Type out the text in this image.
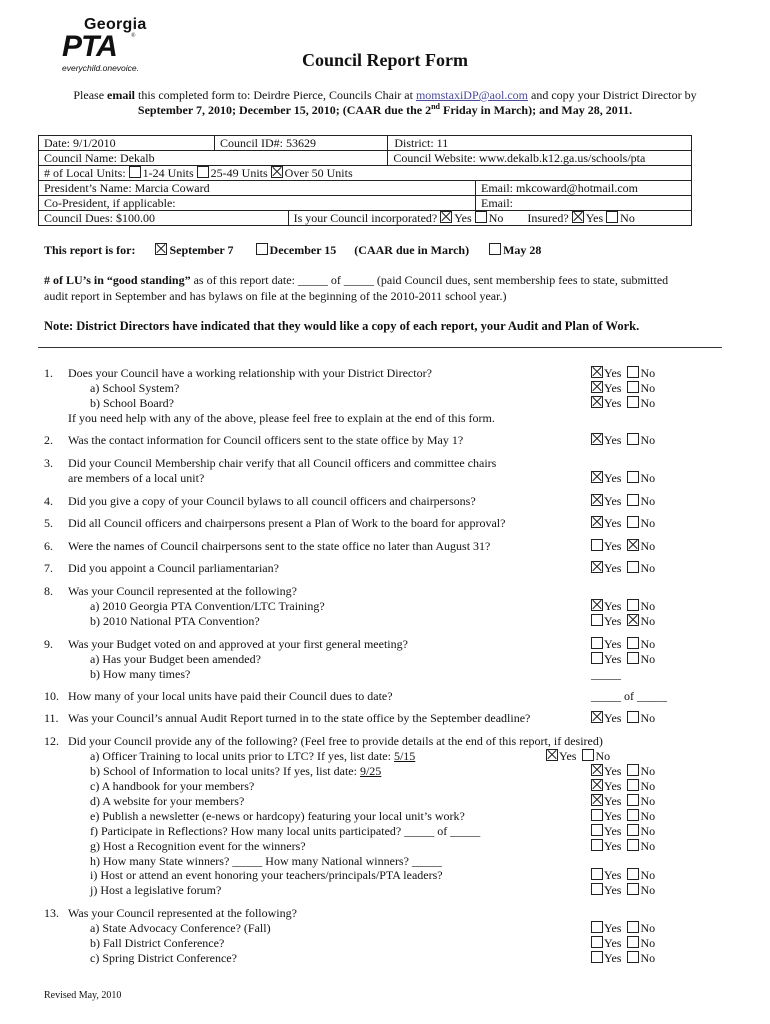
Georgia
PTA ®
everychild.onevoice.	Council Report Form
Please email this completed form to: Deirdre Pierce, Councils Chair at momstaxiDP@aol.com and copy your District Director by
September 7, 2010; December 15, 2010; (CAAR due the 2nd Friday in March); and May 28, 2011.
Date: 9/1/2010	Council ID#: 53629		District: 11	
Council Name: Dekalb			Council Website: www.dekalb.k12.ga.us/schools/pta	
# of Local Units: 1-24 Units 25-49 Units Over 50 Units				
President’s Name: Marcia Coward				Email: mkcoward@hotmail.com
Co-President, if applicable:				Email:
Council Dues: $100.00		Is your Council incorporated? Yes No Insured? Yes No		
This report is for:	September 7	December 15 (CAAR due in March)	May 28
# of LU’s in “good standing” as of this report date: _____ of _____ (paid Council dues, sent membership fees to state, submitted
audit report in September and has bylaws on file at the beginning of the 2010-2011 school year.)
Note: District Directors have indicated that they would like a copy of each report, your Audit and Plan of Work.
1. Does your Council have a working relationship with your District Director?	Yes No
a) School System?	Yes No
b) School Board?	Yes No
If you need help with any of the above, please feel free to explain at the end of this form.
2. Was the contact information for Council officers sent to the state office by May 1?	Yes No
3. Did your Council Membership chair verify that all Council officers and committee chairs
are members of a local unit?	Yes No
4. Did you give a copy of your Council bylaws to all council officers and chairpersons?	Yes No
5. Did all Council officers and chairpersons present a Plan of Work to the board for approval?	Yes No
6. Were the names of Council chairpersons sent to the state office no later than August 31?	Yes No
7. Did you appoint a Council parliamentarian?	Yes No
8. Was your Council represented at the following?
a) 2010 Georgia PTA Convention/LTC Training?	Yes No
b) 2010 National PTA Convention?	Yes No
9. Was your Budget voted on and approved at your first general meeting?	Yes No
a) Has your Budget been amended?	Yes No
b) How many times?	_____
10. How many of your local units have paid their Council dues to date?	_____ of _____
11. Was your Council’s annual Audit Report turned in to the state office by the September deadline?	Yes No
12. Did your Council provide any of the following? (Feel free to provide details at the end of this report, if desired)
a) Officer Training to local units prior to LTC? If yes, list date: 5/15	Yes No
b) School of Information to local units? If yes, list date: 9/25	Yes No
c) A handbook for your members?	Yes No
d) A website for your members?	Yes No
e) Publish a newsletter (e-news or hardcopy) featuring your local unit’s work?	Yes No
f) Participate in Reflections? How many local units participated? _____ of _____	Yes No
g) Host a Recognition event for the winners?	Yes No
h) How many State winners? _____ How many National winners? _____
i) Host or attend an event honoring your teachers/principals/PTA leaders?	Yes No
j) Host a legislative forum?	Yes No
13. Was your Council represented at the following?
a) State Advocacy Conference? (Fall)	Yes No
b) Fall District Conference?	Yes No
c) Spring District Conference?	Yes No
Revised May, 2010
